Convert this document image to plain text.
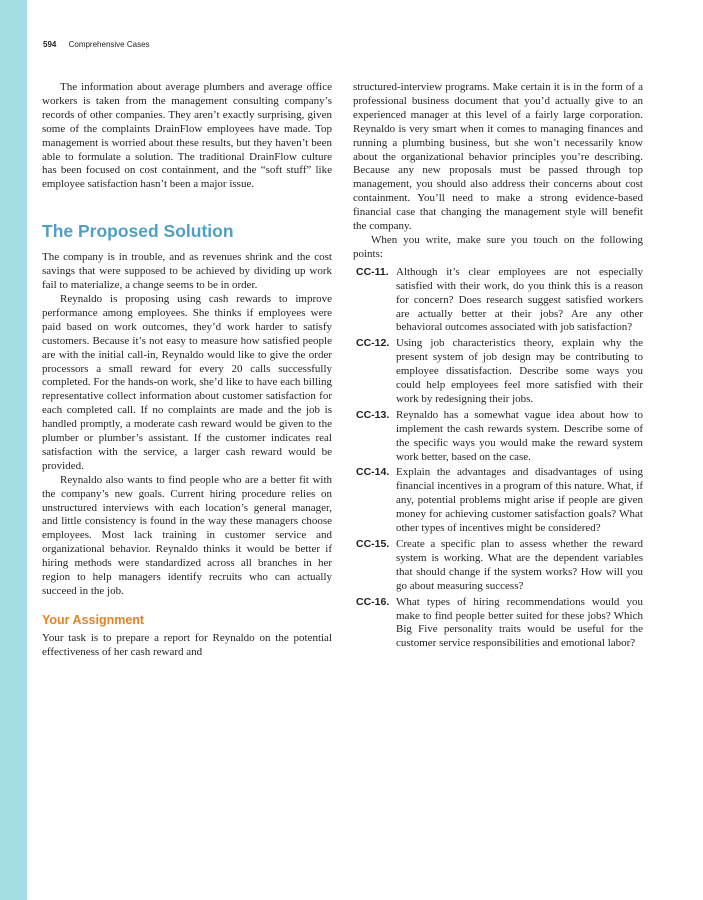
594 Comprehensive Cases

The information about average plumbers and average office workers is taken from the management consulting company’s records of other companies. They aren’t exactly surprising, given some of the complaints DrainFlow employees have made. Top management is worried about these results, but they haven’t been able to formulate a solution. The traditional DrainFlow culture has been focused on cost containment, and the “soft stuff” like employee satisfaction hasn’t been a major issue.

The Proposed Solution

The company is in trouble, and as revenues shrink and the cost savings that were supposed to be achieved by dividing up work fail to materialize, a change seems to be in order.

Reynaldo is proposing using cash rewards to improve performance among employees. She thinks if employees were paid based on work outcomes, they’d work harder to satisfy customers. Because it’s not easy to measure how satisfied people are with the initial call-in, Reynaldo would like to give the order processors a small reward for every 20 calls successfully completed. For the hands-on work, she’d like to have each billing representative collect information about customer satisfaction for each completed call. If no complaints are made and the job is handled promptly, a moderate cash reward would be given to the plumber or plumber’s assistant. If the customer indicates real satisfaction with the service, a larger cash reward would be provided.

Reynaldo also wants to find people who are a better fit with the company’s new goals. Current hiring procedure relies on unstructured interviews with each location’s general manager, and little consistency is found in the way these managers choose employees. Most lack training in customer service and organizational behavior. Reynaldo thinks it would be better if hiring methods were standardized across all branches in her region to help managers identify recruits who can actually succeed in the job.

Your Assignment

Your task is to prepare a report for Reynaldo on the potential effectiveness of her cash reward and

structured-interview programs. Make certain it is in the form of a professional business document that you’d actually give to an experienced manager at this level of a fairly large corporation. Reynaldo is very smart when it comes to managing finances and running a plumbing business, but she won’t necessarily know about the organizational behavior principles you’re describing. Because any new proposals must be passed through top management, you should also address their concerns about cost containment. You’ll need to make a strong evidence-based financial case that changing the management style will benefit the company.

When you write, make sure you touch on the following points:

CC-11. Although it’s clear employees are not especially satisfied with their work, do you think this is a reason for concern? Does research suggest satisfied workers are actually better at their jobs? Are any other behavioral outcomes associated with job satisfaction?
CC-12. Using job characteristics theory, explain why the present system of job design may be contributing to employee dissatisfaction. Describe some ways you could help employees feel more satisfied with their work by redesigning their jobs.
CC-13. Reynaldo has a somewhat vague idea about how to implement the cash rewards system. Describe some of the specific ways you would make the reward system work better, based on the case.
CC-14. Explain the advantages and disadvantages of using financial incentives in a program of this nature. What, if any, potential problems might arise if people are given money for achieving customer satisfaction goals? What other types of incentives might be considered?
CC-15. Create a specific plan to assess whether the reward system is working. What are the dependent variables that should change if the system works? How will you go about measuring success?
CC-16. What types of hiring recommendations would you make to find people better suited for these jobs? Which Big Five personality traits would be useful for the customer service responsibilities and emotional labor?
